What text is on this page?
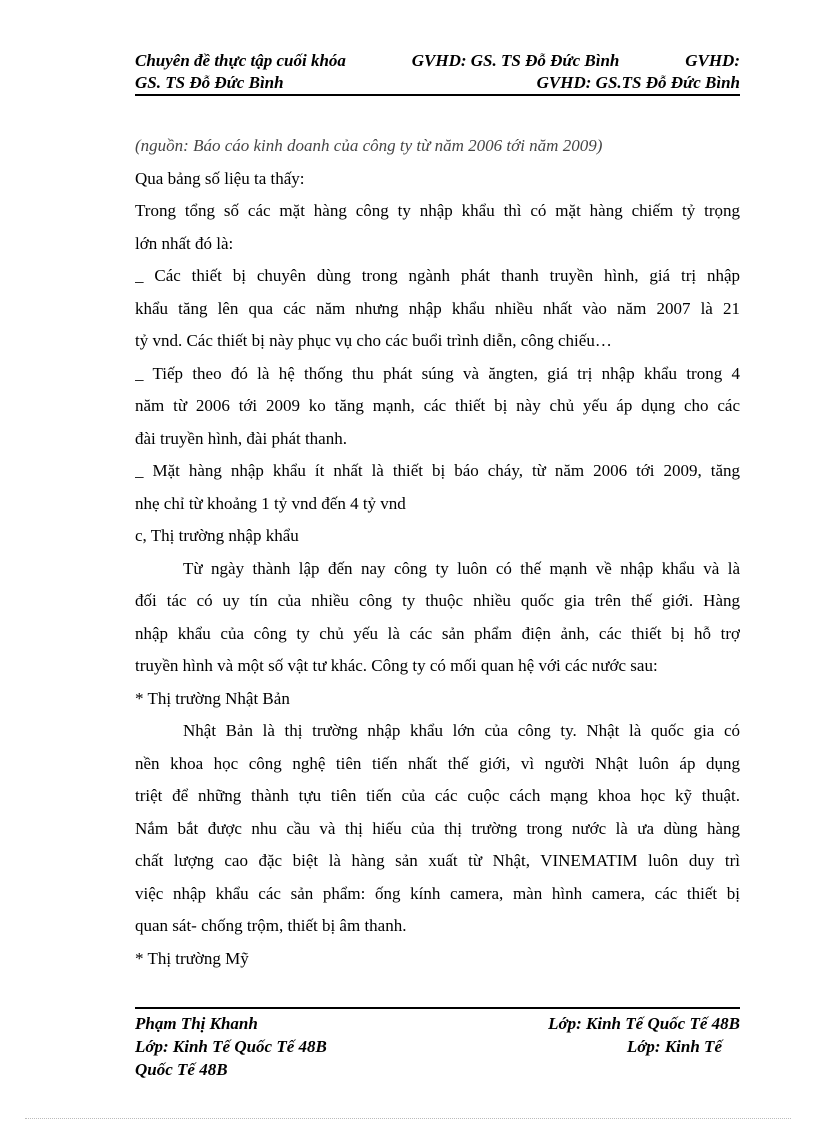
Chuyên đề thực tập cuối khóa	GVHD: GS. TS Đỗ Đức Bình	GVHD:
GS. TS Đỗ Đức Bình	GVHD: GS.TS Đỗ Đức Bình
(nguồn: Báo cáo kinh doanh của công ty từ năm 2006 tới năm 2009)
Qua bảng số liệu ta thấy:
Trong tổng số các mặt hàng công ty nhập khẩu thì có mặt hàng chiếm tỷ trọng
lớn nhất đó là:
_ Các thiết bị chuyên dùng trong ngành phát thanh truyền hình, giá trị nhập
khẩu tăng lên qua các năm nhưng nhập khẩu nhiều nhất vào năm 2007 là 21
tỷ vnd. Các thiết bị này phục vụ cho các buổi trình diễn, công chiếu…
_ Tiếp theo đó là hệ thống thu phát súng và ăngten, giá trị nhập khẩu trong 4
năm từ 2006 tới 2009 ko tăng mạnh, các thiết bị này chủ yếu áp dụng cho các
đài truyền hình, đài phát thanh.
_ Mặt hàng nhập khẩu ít nhất là thiết bị báo cháy, từ năm 2006 tới 2009, tăng
nhẹ chỉ từ khoảng 1 tỷ vnd đến 4 tỷ vnd
c, Thị trường nhập khẩu
Từ ngày thành lập đến nay công ty luôn có thế mạnh về nhập khẩu và là
đối tác có uy tín của nhiều công ty thuộc nhiều quốc gia trên thế giới. Hàng
nhập khẩu của công ty chủ yếu là các sản phẩm điện ảnh, các thiết bị hỗ trợ
truyền hình và một số vật tư khác. Công ty có mối quan hệ với các nước sau:
* Thị trường Nhật Bản
Nhật Bản là thị trường nhập khẩu lớn của công ty. Nhật là quốc gia có
nền khoa học công nghệ tiên tiến nhất thế giới, vì người Nhật luôn áp dụng
triệt để những thành tựu tiên tiến của các cuộc cách mạng khoa học kỹ thuật.
Nắm bắt được nhu cầu và thị hiếu của thị trường trong nước là ưa dùng hàng
chất lượng cao đặc biệt là hàng sản xuất từ Nhật, VINEMATIM luôn duy trì
việc nhập khẩu các sản phẩm: ống kính camera, màn hình camera, các thiết bị
quan sát- chống trộm, thiết bị âm thanh.
* Thị trường Mỹ
Phạm Thị Khanh	Lớp: Kinh Tế Quốc Tế 48B
Lớp: Kinh Tế Quốc Tế 48B	Lớp: Kinh Tế
Quốc Tế 48B
